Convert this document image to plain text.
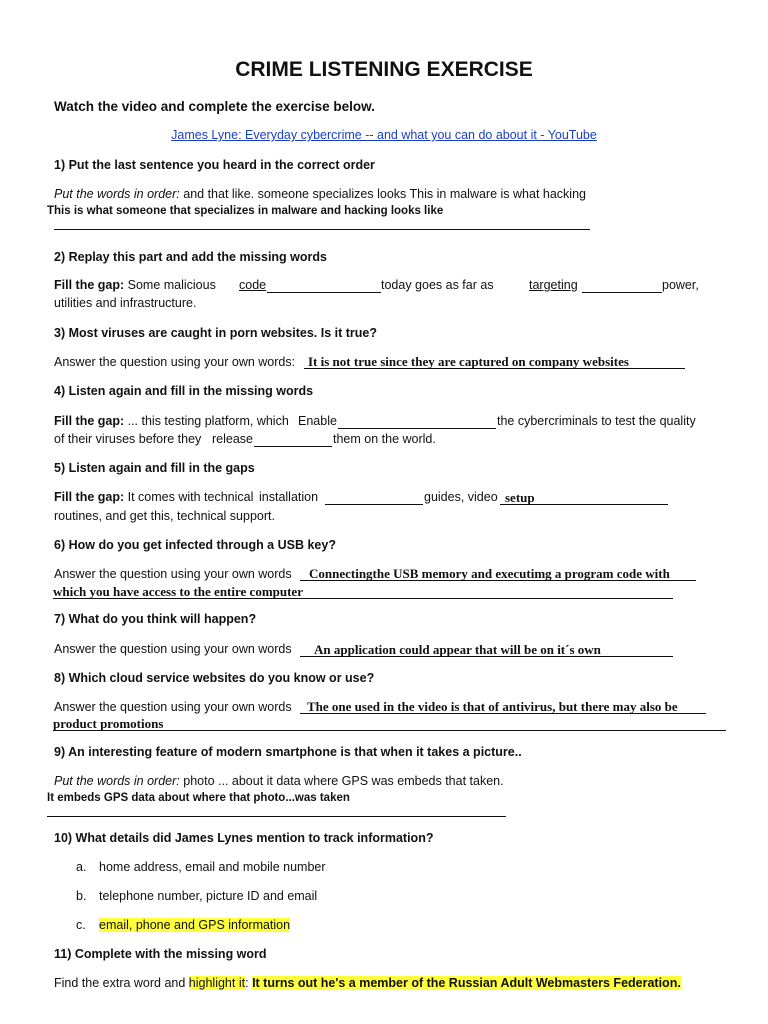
CRIME LISTENING EXERCISE
Watch the video and complete the exercise below.
James Lyne: Everyday cybercrime -- and what you can do about it - YouTube
1) Put the last sentence you heard in the correct order
Put the words in order: and that like. someone specializes looks This in malware is what hacking
This is what someone that specializes in malware and hacking looks like
2) Replay this part and add the missing words
Fill the gap: Some malicious code	today goes as far as	targeting	power,
utilities and infrastructure.
3) Most viruses are caught in porn websites. Is it true?
Answer the question using your own words: It is not true since they are captured on company websites
4) Listen again and fill in the missing words
Fill the gap: ... this testing platform, which Enable	the cybercriminals to test the quality
of their viruses before they release	them on the world.
5) Listen again and fill in the gaps
Fill the gap: It comes with technical installation	guides, video setup
routines, and get this, technical support.
6) How do you get infected through a USB key?
Answer the question using your own words Connectingthe USB memory and executimg a program code with
which you have access to the entire computer
7) What do you think will happen?
Answer the question using your own words An application could appear that will be on it´s own
8) Which cloud service websites do you know or use?
Answer the question using your own words The one used in the video is that of antivirus, but there may also be
product promotions
9) An interesting feature of modern smartphone is that when it takes a picture..
Put the words in order: photo ... about it data where GPS was embeds that taken.
It embeds GPS data about where that photo...was taken
10) What details did James Lynes mention to track information?
a. home address, email and mobile number
b. telephone number, picture ID and email
c. email, phone and GPS information
11) Complete with the missing word
Find the extra word and highlight it: It turns out he's a member of the Russian Adult Webmasters Federation.
